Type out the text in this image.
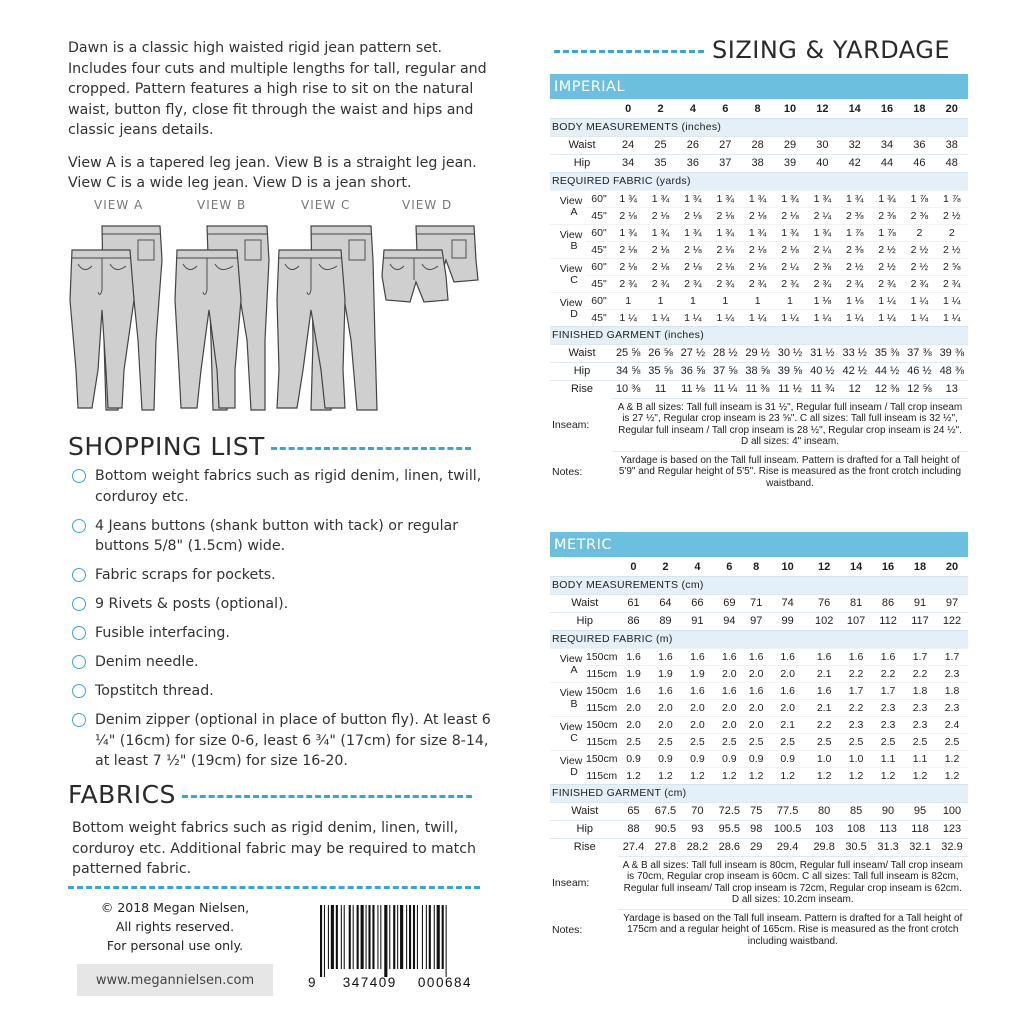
Dawn is a classic high waisted rigid jean pattern set. Includes four cuts and multiple lengths for tall, regular and cropped. Pattern features a high rise to sit on the natural waist, button fly, close fit through the waist and hips and classic jeans details.

View A is a tapered leg jean. View B is a straight leg jean. View C is a wide leg jean. View D is a jean short.

VIEW A	VIEW B	VIEW C	VIEW D
SHOPPING LIST
Bottom weight fabrics such as rigid denim, linen, twill, corduroy etc.
4 Jeans buttons (shank button with tack) or regular buttons 5/8" (1.5cm) wide.
Fabric scraps for pockets.
9 Rivets & posts (optional).
Fusible interfacing.
Denim needle.
Topstitch thread.
Denim zipper (optional in place of button fly). At least 6 ¼" (16cm) for size 0-6, least 6 ¾" (17cm) for size 8-14, at least 7 ½" (19cm) for size 16-20.
FABRICS
Bottom weight fabrics such as rigid denim, linen, twill, corduroy etc. Additional fabric may be required to match patterned fabric.
© 2018 Megan Nielsen,
All rights reserved.
For personal use only.
www.megannielsen.com	9 347409 000684
SIZING & YARDAGE
IMPERIAL
		0	2	4	6	8	10	12	14	16	18	20
BODY MEASUREMENTS (inches)												
Waist		24	25	26	27	28	29	30	32	34	36	38
Hip		34	35	36	37	38	39	40	42	44	46	48
REQUIRED FABRIC (yards)												
View
A	60"	1 ¾	1 ¾	1 ¾	1 ¾	1 ¾	1 ¾	1 ¾	1 ¾	1 ¾	1 ⅞	1 ⅞
	45"	2 ⅛	2 ⅛	2 ⅛	2 ⅛	2 ⅛	2 ⅛	2 ¼	2 ⅜	2 ⅜	2 ⅜	2 ½
View
B	60"	1 ¾	1 ¾	1 ¾	1 ¾	1 ¾	1 ¾	1 ¾	1 ⅞	1 ⅞	2	2
	45"	2 ⅛	2 ⅛	2 ⅛	2 ⅛	2 ⅛	2 ⅛	2 ¼	2 ⅜	2 ½	2 ½	2 ½
View
C	60"	2 ⅛	2 ⅛	2 ⅛	2 ⅛	2 ⅛	2 ¼	2 ⅜	2 ½	2 ½	2 ½	2 ⅝
	45"	2 ¾	2 ¾	2 ¾	2 ¾	2 ¾	2 ¾	2 ¾	2 ¾	2 ¾	2 ¾	2 ¾
View
D	60"	1	1	1	1	1	1	1 ⅛	1 ⅛	1 ¼	1 ¼	1 ¼
	45"	1 ¼	1 ¼	1 ¼	1 ¼	1 ¼	1 ¼	1 ¼	1 ¼	1 ¼	1 ¼	1 ¼
FINISHED GARMENT (inches)												
Waist		25 ⅝	26 ⅝	27 ½	28 ½	29 ½	30 ½	31 ½	33 ½	35 ⅜	37 ⅜	39 ⅜
Hip		34 ⅝	35 ⅝	36 ⅝	37 ⅝	38 ⅝	39 ⅝	40 ½	42 ½	44 ½	46 ½	48 ⅜
Rise		10 ⅜	11	11 ⅛	11 ¼	11 ⅜	11 ½	11 ¾	12	12 ⅜	12 ⅝	13
Inseam:		A & B all sizes: Tall full inseam is 31 ½", Regular full inseam / Tall crop inseam is 27 ½", Regular crop inseam is 23 ⅝". C all sizes: Tall full inseam is 32 ½", Regular full inseam / Tall crop inseam is 28 ½", Regular crop inseam is 24 ½". D all sizes: 4" inseam.										
Notes:		Yardage is based on the Tall full inseam. Pattern is drafted for a Tall height of 5'9" and Regular height of 5'5". Rise is measured as the front crotch including waistband.										
METRIC
		0	2	4	6	8	10	12	14	16	18	20
BODY MEASUREMENTS (cm)												
Waist		61	64	66	69	71	74	76	81	86	91	97
Hip		86	89	91	94	97	99	102	107	112	117	122
REQUIRED FABRIC (m)												
View
A	150cm	1.6	1.6	1.6	1.6	1.6	1.6	1.6	1.6	1.6	1.7	1.7
	115cm	1.9	1.9	1.9	2.0	2.0	2.0	2.1	2.2	2.2	2.2	2.3
View
B	150cm	1.6	1.6	1.6	1.6	1.6	1.6	1.6	1.7	1.7	1.8	1.8
	115cm	2.0	2.0	2.0	2.0	2.0	2.0	2.1	2.2	2.3	2.3	2.3
View
C	150cm	2.0	2.0	2.0	2.0	2.0	2.1	2.2	2.3	2.3	2.3	2.4
	115cm	2.5	2.5	2.5	2.5	2.5	2.5	2.5	2.5	2.5	2.5	2.5
View
D	150cm	0.9	0.9	0.9	0.9	0.9	0.9	1.0	1.0	1.1	1.1	1.2
	115cm	1.2	1.2	1.2	1.2	1.2	1.2	1.2	1.2	1.2	1.2	1.2
FINISHED GARMENT (cm)												
Waist		65	67.5	70	72.5	75	77.5	80	85	90	95	100
Hip		88	90.5	93	95.5	98	100.5	103	108	113	118	123
Rise		27.4	27.8	28.2	28.6	29	29.4	29.8	30.5	31.3	32.1	32.9
Inseam:		A & B all sizes: Tall full inseam is 80cm, Regular full inseam/ Tall crop inseam is 70cm, Regular crop inseam is 60cm. C all sizes: Tall full inseam is 82cm, Regular full inseam/ Tall crop inseam is 72cm, Regular crop inseam is 62cm. D all sizes: 10.2cm inseam.										
Notes:		Yardage is based on the Tall full inseam. Pattern is drafted for a Tall height of 175cm and a regular height of 165cm. Rise is measured as the front crotch including waistband.										
